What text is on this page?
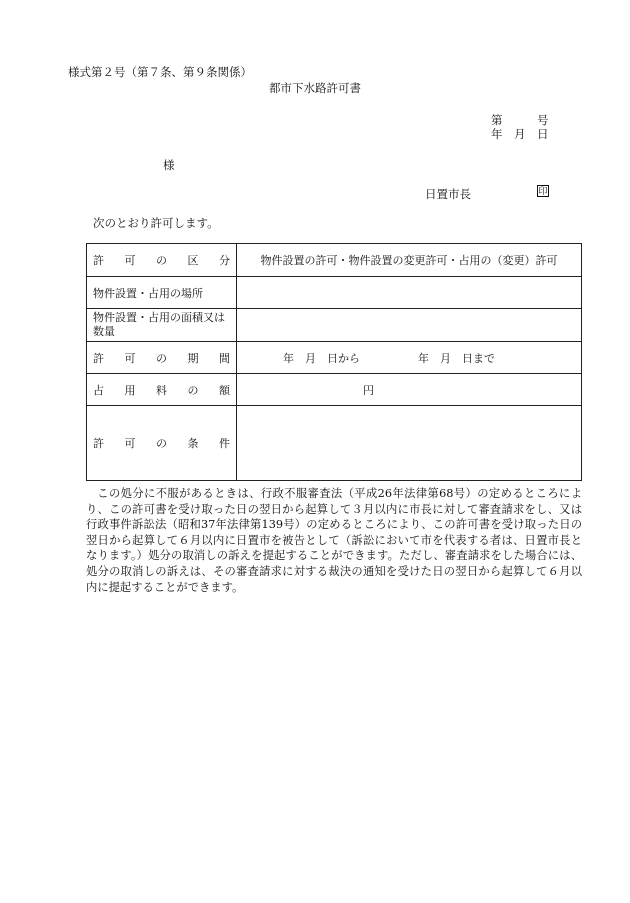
様式第２号（第７条、第９条関係）
都市下水路許可書
第　　　号
年　月　日
様
日置市長	印
次のとおり許可します。
許 可 の 区 分	物件設置の許可・物件設置の変更許可・占用の（変更）許可
物件設置・占用の場所	
物件設置・占用の面積又は数量	

許 可 の 期 間	年　月　日から 年　月　日まで

占 用 料 の 額	円

許 可 の 条 件	

この処分に不服があるときは、行政不服審査法（平成26年法律第68号）の定めるところにより、この許可書を受け取った日の翌日から起算して３月以内に市長に対して審査請求をし、又は行政事件訴訟法（昭和37年法律第139号）の定めるところにより、この許可書を受け取った日の翌日から起算して６月以内に日置市を被告として（訴訟において市を代表する者は、日置市長となります。）処分の取消しの訴えを提起することができます。ただし、審査請求をした場合には、処分の取消しの訴えは、その審査請求に対する裁決の通知を受けた日の翌日から起算して６月以内に提起することができます。
